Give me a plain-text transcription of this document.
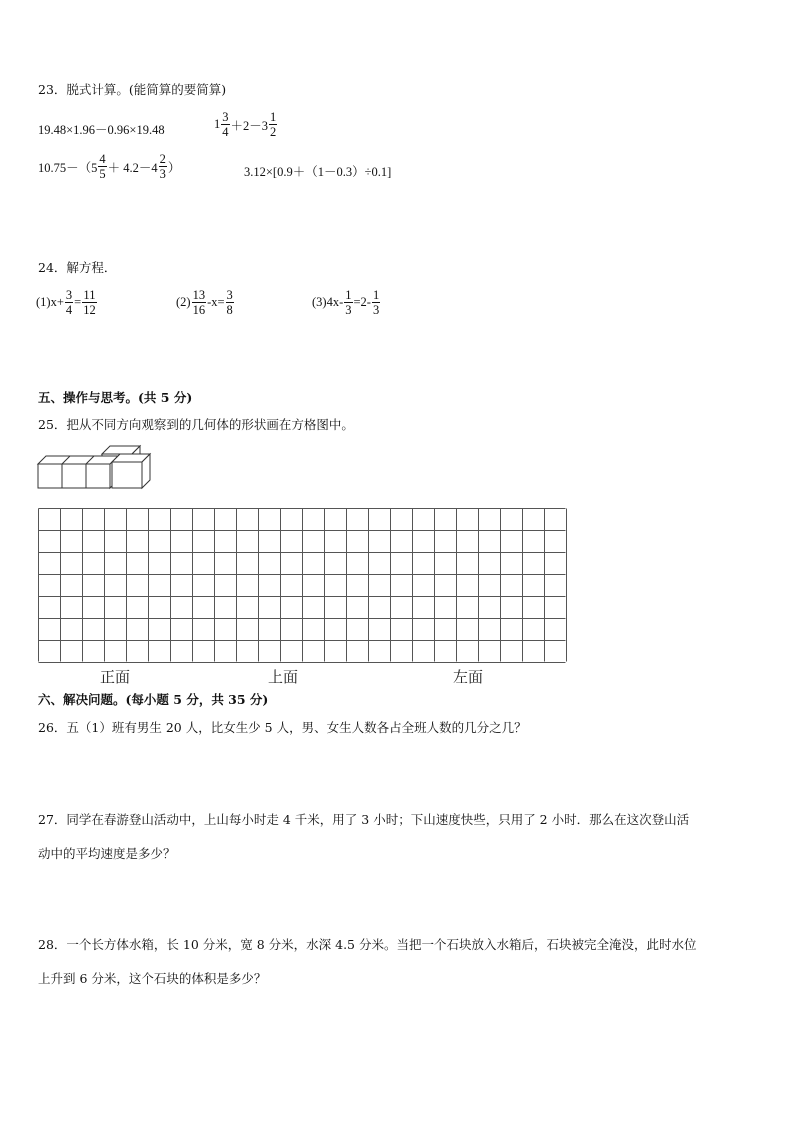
23．脱式计算。(能简算的要简算)
19.48×1.96－0.96×19.48	$1 \frac{3}{4} +2-3 \frac{1}{2}$
$10.75-(5 \frac{4}{5} + 4.2-4 \frac{2}{3}$ ）	3.12×[0.9＋（1－0.3）÷0.1]
24．解方程．
$(1)x+ \frac{3}{4} = \frac{11}{12}$	$(2) \frac{13}{16} -x= \frac{3}{8}$	$(3)4x- \frac{1}{3} =2- \frac{1}{3}$
五、操作与思考。(共 5 分)
25．把从不同方向观察到的几何体的形状画在方格图中。
正面	上面	左面
六、解决问题。(每小题 5 分，共 35 分)
26．五（1）班有男生 20 人，比女生少 5 人，男、女生人数各占全班人数的几分之几？
27．同学在春游登山活动中，上山每小时走 4 千米，用了 3 小时；下山速度快些，只用了 2 小时．那么在这次登山活
动中的平均速度是多少？
28．一个长方体水箱，长 10 分米，宽 8 分米，水深 4.5 分米。当把一个石块放入水箱后，石块被完全淹没，此时水位
上升到 6 分米，这个石块的体积是多少？
